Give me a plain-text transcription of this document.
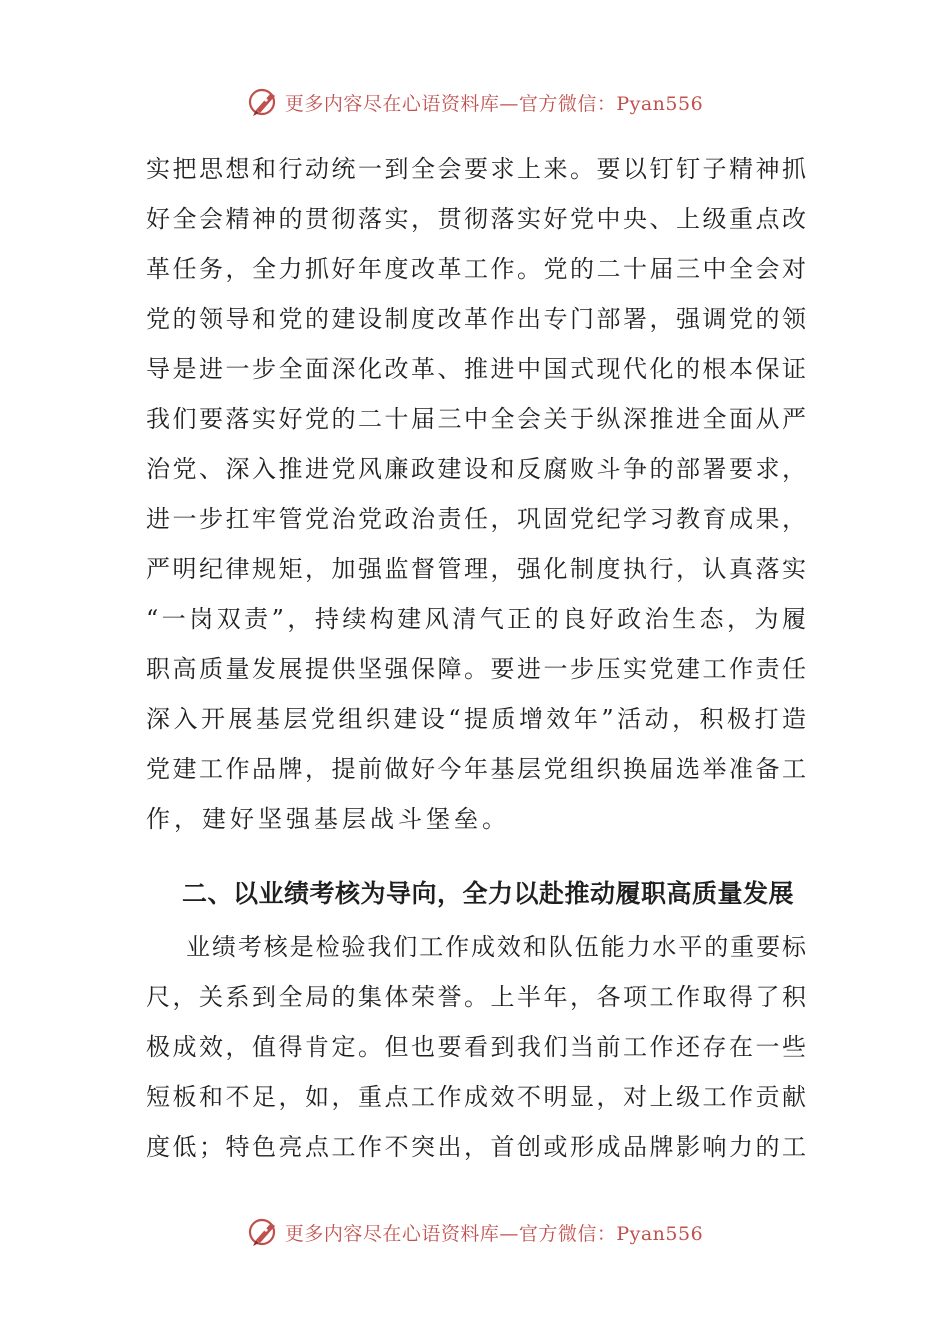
更多内容尽在心语资料库—官方微信：Pyan556
实把思想和行动统一到全会要求上来。要以钉钉子精神抓
好全会精神的贯彻落实，贯彻落实好党中央、上级重点改
革任务，全力抓好年度改革工作。党的二十届三中全会对
党的领导和党的建设制度改革作出专门部署，强调党的领
导是进一步全面深化改革、推进中国式现代化的根本保证
我们要落实好党的二十届三中全会关于纵深推进全面从严
治党、深入推进党风廉政建设和反腐败斗争的部署要求，
进一步扛牢管党治党政治责任，巩固党纪学习教育成果，
严明纪律规矩，加强监督管理，强化制度执行，认真落实
“一岗双责”，持续构建风清气正的良好政治生态，为履
职高质量发展提供坚强保障。要进一步压实党建工作责任
深入开展基层党组织建设“提质增效年”活动，积极打造
党建工作品牌，提前做好今年基层党组织换届选举准备工
作，建好坚强基层战斗堡垒。
二、以业绩考核为导向，全力以赴推动履职高质量发展
业绩考核是检验我们工作成效和队伍能力水平的重要标
尺，关系到全局的集体荣誉。上半年，各项工作取得了积
极成效，值得肯定。但也要看到我们当前工作还存在一些
短板和不足，如，重点工作成效不明显，对上级工作贡献
度低；特色亮点工作不突出，首创或形成品牌影响力的工
更多内容尽在心语资料库—官方微信：Pyan556
